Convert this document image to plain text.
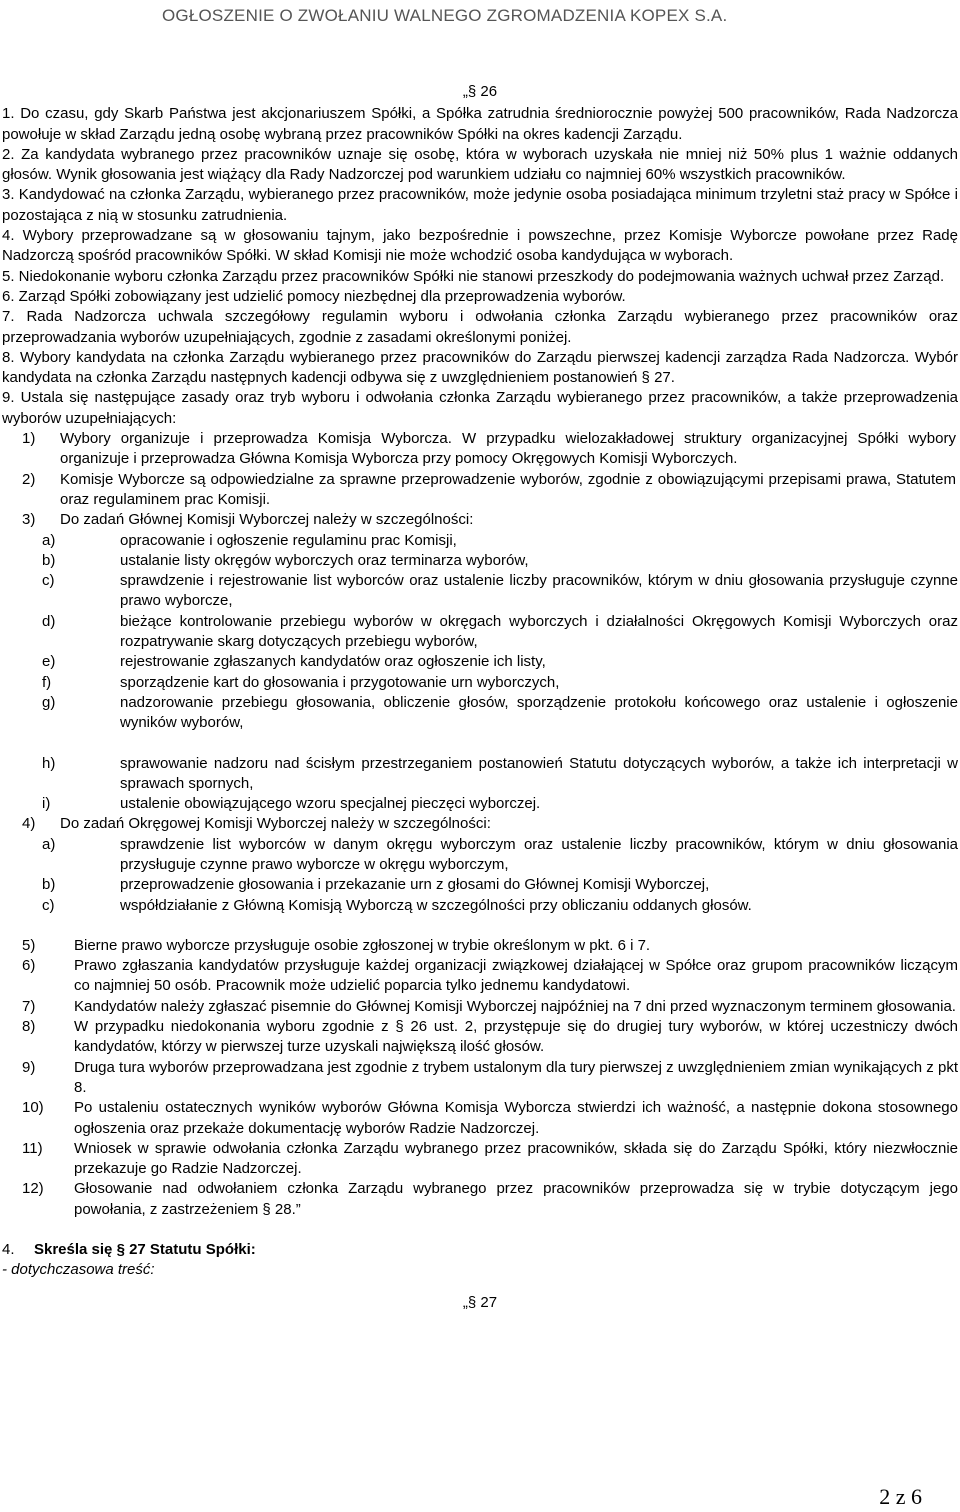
OGŁOSZENIE O ZWOŁANIU WALNEGO ZGROMADZENIA KOPEX S.A.
„§ 26

1. Do czasu, gdy Skarb Państwa jest akcjonariuszem Spółki, a Spółka zatrudnia średniorocznie powyżej 500 pracowników, Rada Nadzorcza powołuje w skład Zarządu jedną osobę wybraną przez pracowników Spółki na okres kadencji Zarządu.

2. Za kandydata wybranego przez pracowników uznaje się osobę, która w wyborach uzyskała nie mniej niż 50% plus 1 ważnie oddanych głosów. Wynik głosowania jest wiążący dla Rady Nadzorczej pod warunkiem udziału co najmniej 60% wszystkich pracowników.

3. Kandydować na członka Zarządu, wybieranego przez pracowników, może jedynie osoba posiadająca minimum trzyletni staż pracy w Spółce i pozostająca z nią w stosunku zatrudnienia.

4. Wybory przeprowadzane są w głosowaniu tajnym, jako bezpośrednie i powszechne, przez Komisje Wyborcze powołane przez Radę Nadzorczą spośród pracowników Spółki. W skład Komisji nie może wchodzić osoba kandydująca w wyborach.

5. Niedokonanie wyboru członka Zarządu przez pracowników Spółki nie stanowi przeszkody do podejmowania ważnych uchwał przez Zarząd.

6. Zarząd Spółki zobowiązany jest udzielić pomocy niezbędnej dla przeprowadzenia wyborów.

7. Rada Nadzorcza uchwala szczegółowy regulamin wyboru i odwołania członka Zarządu wybieranego przez pracowników oraz przeprowadzania wyborów uzupełniających, zgodnie z zasadami określonymi poniżej.

8. Wybory kandydata na członka Zarządu wybieranego przez pracowników do Zarządu pierwszej kadencji zarządza Rada Nadzorcza. Wybór kandydata na członka Zarządu następnych kadencji odbywa się z uwzględnieniem postanowień § 27.

9. Ustala się następujące zasady oraz tryb wyboru i odwołania członka Zarządu wybieranego przez pracowników, a także przeprowadzenia wyborów uzupełniających:

1)	Wybory organizuje i przeprowadza Komisja Wyborcza. W przypadku wielozakładowej struktury organizacyjnej Spółki wybory organizuje i przeprowadza Główna Komisja Wyborcza przy pomocy Okręgowych Komisji Wyborczych.
2)	Komisje Wyborcze są odpowiedzialne za sprawne przeprowadzenie wyborów, zgodnie z obowiązującymi przepisami prawa, Statutem oraz regulaminem prac Komisji.
3)	Do zadań Głównej Komisji Wyborczej należy w szczególności:
a)	opracowanie i ogłoszenie regulaminu prac Komisji,
b)	ustalanie listy okręgów wyborczych oraz terminarza wyborów,
c)	sprawdzenie i rejestrowanie list wyborców oraz ustalenie liczby pracowników, którym w dniu głosowania przysługuje czynne prawo wyborcze,
d)	bieżące kontrolowanie przebiegu wyborów w okręgach wyborczych i działalności Okręgowych Komisji Wyborczych oraz rozpatrywanie skarg dotyczących przebiegu wyborów,
e)	rejestrowanie zgłaszanych kandydatów oraz ogłoszenie ich listy,
f)	sporządzenie kart do głosowania i przygotowanie urn wyborczych,
g)	nadzorowanie przebiegu głosowania, obliczenie głosów, sporządzenie protokołu końcowego oraz ustalenie i ogłoszenie wyników wyborów,
h)	sprawowanie nadzoru nad ścisłym przestrzeganiem postanowień Statutu dotyczących wyborów, a także ich interpretacji w sprawach spornych,
i)	ustalenie obowiązującego wzoru specjalnej pieczęci wyborczej.
4)	Do zadań Okręgowej Komisji Wyborczej należy w szczególności:
a)	sprawdzenie list wyborców w danym okręgu wyborczym oraz ustalenie liczby pracowników, którym w dniu głosowania przysługuje czynne prawo wyborcze w okręgu wyborczym,
b)	przeprowadzenie głosowania i przekazanie urn z głosami do Głównej Komisji Wyborczej,
c)	współdziałanie z Główną Komisją Wyborczą w szczególności przy obliczaniu oddanych głosów.
5)	Bierne prawo wyborcze przysługuje osobie zgłoszonej w trybie określonym w pkt. 6 i 7.
6)	Prawo zgłaszania kandydatów przysługuje każdej organizacji związkowej działającej w Spółce oraz grupom pracowników liczącym co najmniej 50 osób. Pracownik może udzielić poparcia tylko jednemu kandydatowi.
7)	Kandydatów należy zgłaszać pisemnie do Głównej Komisji Wyborczej najpóźniej na 7 dni przed wyznaczonym terminem głosowania.
8)	W przypadku niedokonania wyboru zgodnie z § 26 ust. 2, przystępuje się do drugiej tury wyborów, w której uczestniczy dwóch kandydatów, którzy w pierwszej turze uzyskali największą ilość głosów.
9)	Druga tura wyborów przeprowadzana jest zgodnie z trybem ustalonym dla tury pierwszej z uwzględnieniem zmian wynikających z pkt 8.
10)	Po ustaleniu ostatecznych wyników wyborów Główna Komisja Wyborcza stwierdzi ich ważność, a następnie dokona stosownego ogłoszenia oraz przekaże dokumentację wyborów Radzie Nadzorczej.
11)	Wniosek w sprawie odwołania członka Zarządu wybranego przez pracowników, składa się do Zarządu Spółki, który niezwłocznie przekazuje go Radzie Nadzorczej.
12)	Głosowanie nad odwołaniem członka Zarządu wybranego przez pracowników przeprowadza się w trybie dotyczącym jego powołania, z zastrzeżeniem § 28.”
4.	Skreśla się § 27 Statutu Spółki:
- dotychczasowa treść:
„§ 27
2 z 6
